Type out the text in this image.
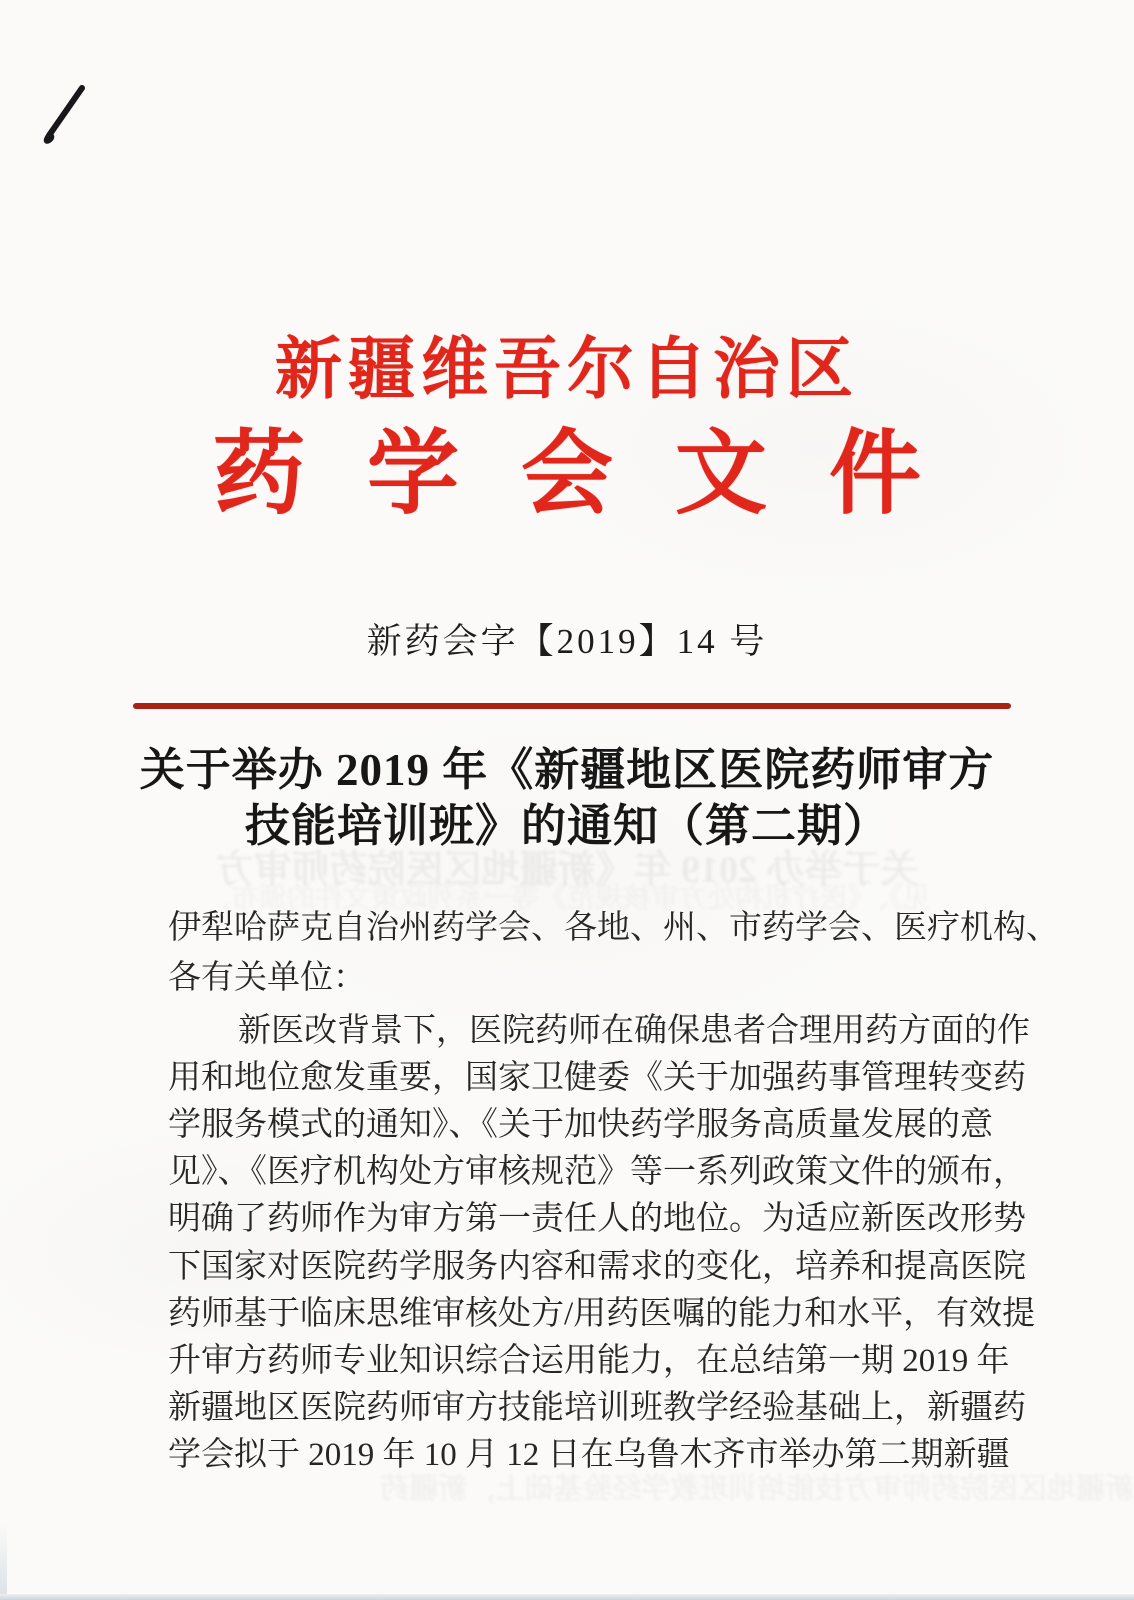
新疆维吾尔自治区
药学会文件
新药会字【2019】14 号
关于举办 2019 年《新疆地区医院药师审方
技能培训班》的通知（第二期）
关于举办 2019 年《新疆地区医院药师审方
见》、《医疗机构处方审核规范》等一系列政策文件的颁布，
新疆地区医院药师审方技能培训班教学经验基础上，新疆药
伊犁哈萨克自治州药学会、各地、州、市药学会、医疗机构、
各有关单位：
新医改背景下，医院药师在确保患者合理用药方面的作
用和地位愈发重要，国家卫健委《关于加强药事管理转变药
学服务模式的通知》、《关于加快药学服务高质量发展的意
见》、《医疗机构处方审核规范》等一系列政策文件的颁布，
明确了药师作为审方第一责任人的地位。为适应新医改形势
下国家对医院药学服务内容和需求的变化，培养和提高医院
药师基于临床思维审核处方/用药医嘱的能力和水平，有效提
升审方药师专业知识综合运用能力，在总结第一期 2019 年
新疆地区医院药师审方技能培训班教学经验基础上，新疆药
学会拟于 2019 年 10 月 12 日在乌鲁木齐市举办第二期新疆
